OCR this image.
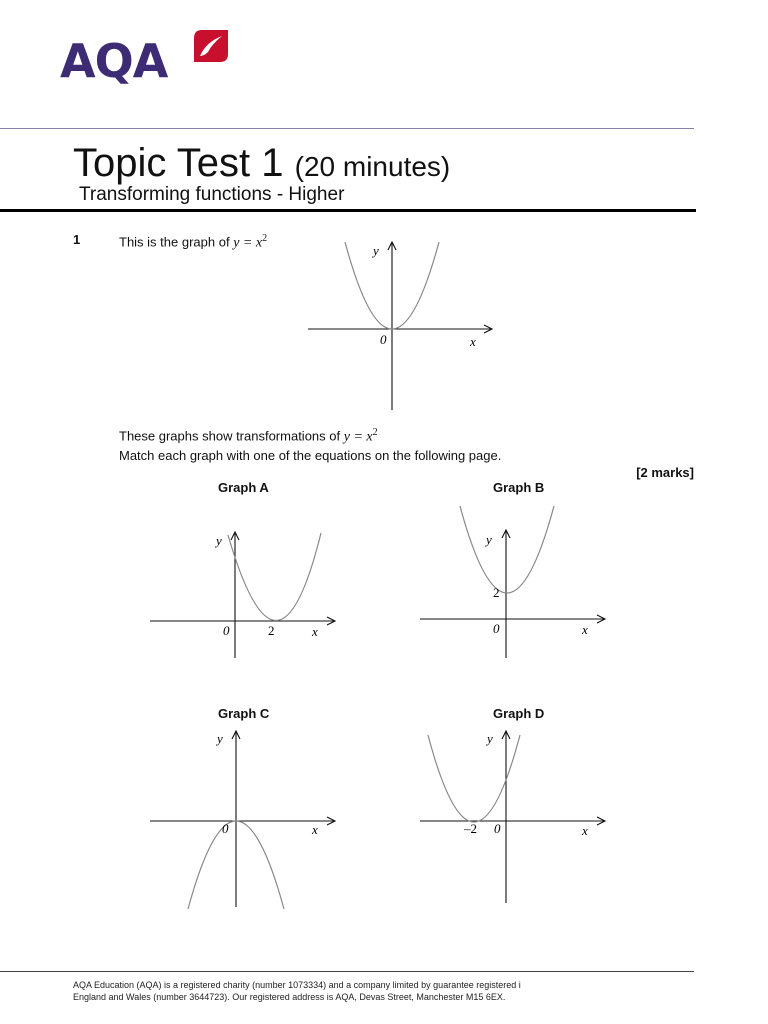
AQA
Topic Test 1 (20 minutes)
Transforming functions - Higher
1	This is the graph of $y = x^2$
y
x
0
These graphs show transformations of $y = x^2$
Match each graph with one of the equations on the following page.
[2 marks]
Graph A	Graph B
Graph C	Graph D
y
x
0	2
y
x
0
2
y
x
0
y
x
0
–2
AQA Education (AQA) is a registered charity (number 1073334) and a company limited by guarantee registered i
England and Wales (number 3644723). Our registered address is AQA, Devas Street, Manchester M15 6EX.
